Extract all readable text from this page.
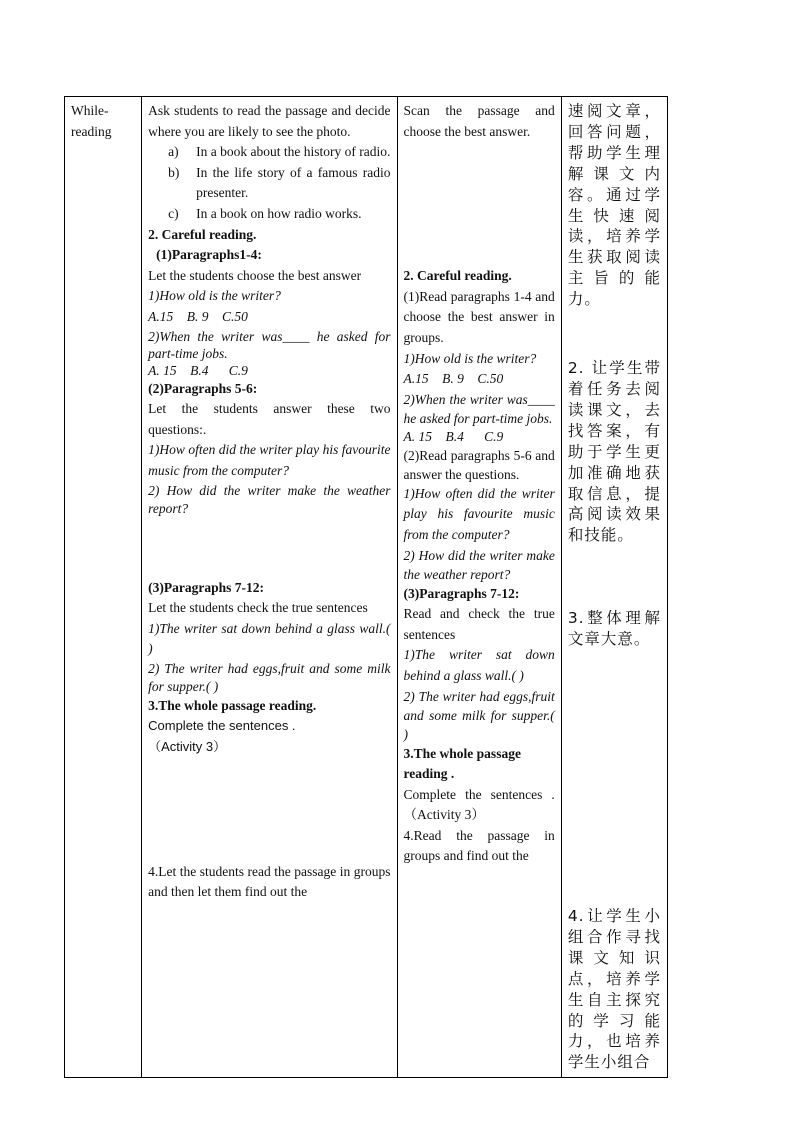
While-reading

Ask students to read the passage and decide where you are likely to see the photo.
a)	In a book about the history of radio.
b)	In the life story of a famous radio presenter.
c)	In a book on how radio works.
2. Careful reading.
(1)Paragraphs1-4:
Let the students choose the best answer
1)How old is the writer?
A.15    B. 9    C.50
2)When the writer was____ he asked for part-time jobs.
A. 15    B.4      C.9
(2)Paragraphs 5-6:
Let the students answer these two questions:.
1)How often did the writer play his favourite music from the computer?
2) How did the writer make the weather report?
(3)Paragraphs 7-12:
Let the students check the true sentences
1)The writer sat down behind a glass wall.( )
2) The writer had eggs,fruit and some milk for supper.( )
3.The whole passage reading.
Complete the sentences .
（Activity 3）
4.Let the students read the passage in groups and then let them find out the

Scan the passage and choose the best answer.
2. Careful reading.
(1)Read paragraphs 1-4 and choose the best answer in groups.
1)How old is the writer?
A.15    B. 9    C.50
2)When the writer was____ he asked for part-time jobs.
A. 15    B.4      C.9
(2)Read paragraphs 5-6 and answer the questions.
1)How often did the writer play his favourite music from the computer?
2) How did the writer make the weather report?
(3)Paragraphs 7-12:
Read and check the true sentences
1)The writer sat down behind a glass wall.( )
2) The writer had eggs,fruit and some milk for supper.( )
3.The whole passage reading .
Complete the sentences . （Activity 3）
4.Read the passage in groups and find out the

速阅文章，回答问题，帮助学生理解课文内容。通过学生快速阅读，培养学生获取阅读主旨的能力。
2. 让学生带着任务去阅读课文，去找答案，有助于学生更加准确地获取信息，提高阅读效果和技能。
3.整体理解文章大意。
4.让学生小组合作寻找课文知识点，培养学生自主探究的学习能力，也培养学生小组合
